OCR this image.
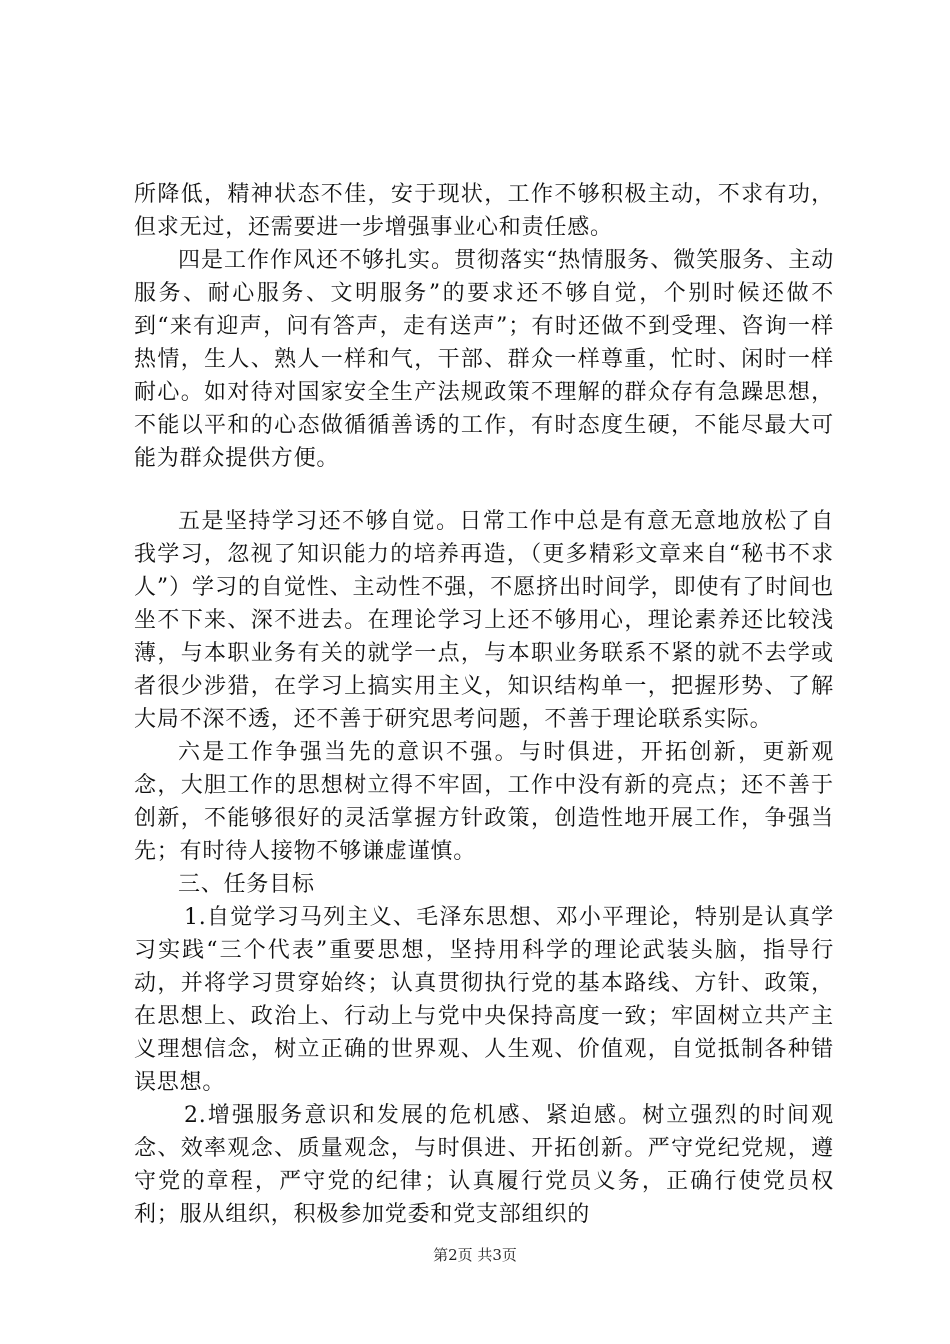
所降低，精神状态不佳，安于现状，工作不够积极主动，不求有功，但求无过，还需要进一步增强事业心和责任感。

四是工作作风还不够扎实。贯彻落实“热情服务、微笑服务、主动服务、耐心服务、文明服务”的要求还不够自觉，个别时候还做不到“来有迎声，问有答声，走有送声”；有时还做不到受理、咨询一样热情，生人、熟人一样和气，干部、群众一样尊重，忙时、闲时一样耐心。如对待对国家安全生产法规政策不理解的群众存有急躁思想，不能以平和的心态做循循善诱的工作，有时态度生硬，不能尽最大可能为群众提供方便。

五是坚持学习还不够自觉。日常工作中总是有意无意地放松了自我学习，忽视了知识能力的培养再造，（更多精彩文章来自“秘书不求人”）学习的自觉性、主动性不强，不愿挤出时间学，即使有了时间也坐不下来、深不进去。在理论学习上还不够用心，理论素养还比较浅薄，与本职业务有关的就学一点，与本职业务联系不紧的就不去学或者很少涉猎，在学习上搞实用主义，知识结构单一，把握形势、了解大局不深不透，还不善于研究思考问题，不善于理论联系实际。

六是工作争强当先的意识不强。与时俱进，开拓创新，更新观念，大胆工作的思想树立得不牢固，工作中没有新的亮点；还不善于创新，不能够很好的灵活掌握方针政策，创造性地开展工作，争强当先；有时待人接物不够谦虚谨慎。

三、任务目标

1.自觉学习马列主义、毛泽东思想、邓小平理论，特别是认真学习实践“三个代表”重要思想，坚持用科学的理论武装头脑，指导行动，并将学习贯穿始终；认真贯彻执行党的基本路线、方针、政策，在思想上、政治上、行动上与党中央保持高度一致；牢固树立共产主义理想信念，树立正确的世界观、人生观、价值观，自觉抵制各种错误思想。

2.增强服务意识和发展的危机感、紧迫感。树立强烈的时间观念、效率观念、质量观念，与时俱进、开拓创新。严守党纪党规，遵守党的章程，严守党的纪律；认真履行党员义务，正确行使党员权利；服从组织，积极参加党委和党支部组织的

第2页 共3页
